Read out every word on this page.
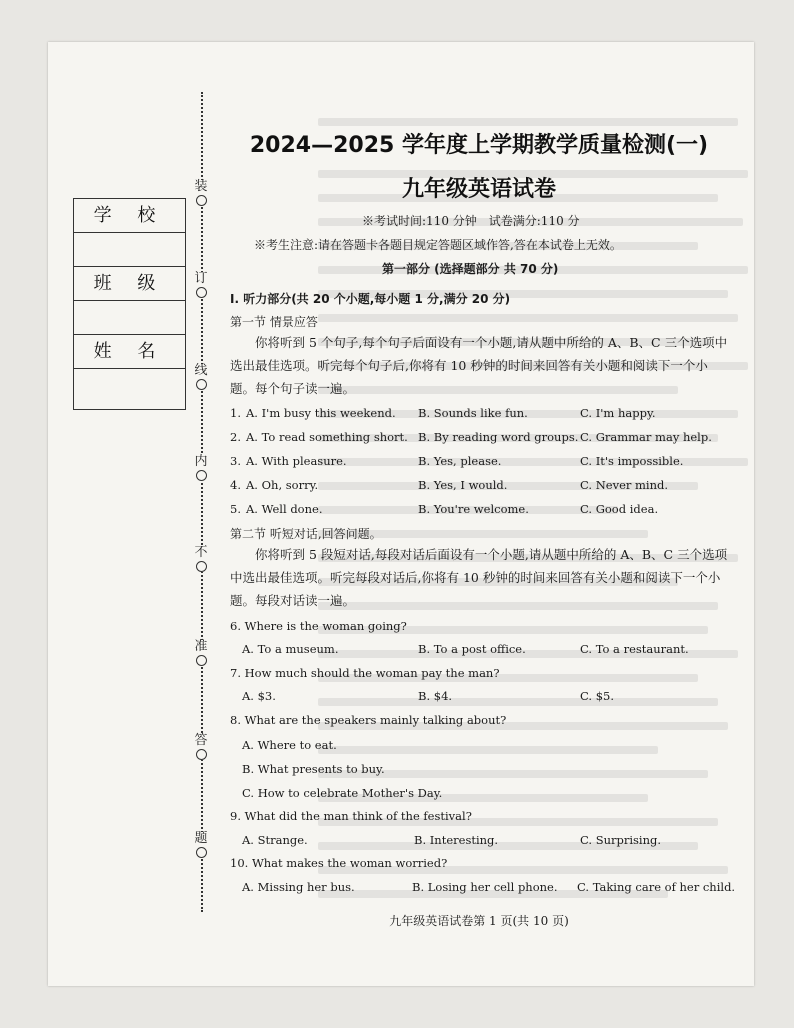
装
订
线
内
不
准
答
题
学 校
班 级
姓 名
2024—2025 学年度上学期教学质量检测(一)
九年级英语试卷
※考试时间:110 分钟　试卷满分:110 分
※考生注意:请在答题卡各题目规定答题区域作答,答在本试卷上无效。
第一部分 (选择题部分 共 70 分)
Ⅰ. 听力部分(共 20 个小题,每小题 1 分,满分 20 分)
第一节 情景应答
你将听到 5 个句子,每个句子后面设有一个小题,请从题中所给的 A、B、C 三个选项中选出最佳选项。听完每个句子后,你将有 10 秒钟的时间来回答有关小题和阅读下一个小题。每个句子读一遍。
1. A. I'm busy this weekend. B. Sounds like fun.	C. I'm happy.
2. A. To read something short. B. By reading word groups. C. Grammar may help.
3. A. With pleasure.	B. Yes, please.	C. It's impossible.
4. A. Oh, sorry.	B. Yes, I would.	C. Never mind.
5. A. Well done.	B. You're welcome.	C. Good idea.
第二节 听短对话,回答问题。
你将听到 5 段短对话,每段对话后面设有一个小题,请从题中所给的 A、B、C 三个选项中选出最佳选项。听完每段对话后,你将有 10 秒钟的时间来回答有关小题和阅读下一个小题。每段对话读一遍。
6. Where is the woman going?
A. To a museum.	B. To a post office.	C. To a restaurant.
7. How much should the woman pay the man?
A. $3.	B. $4.	C. $5.
8. What are the speakers mainly talking about?
A. Where to eat.
B. What presents to buy.
C. How to celebrate Mother's Day.
9. What did the man think of the festival?
A. Strange.	B. Interesting.	C. Surprising.
10. What makes the woman worried?
A. Missing her bus.	B. Losing her cell phone. C. Taking care of her child.
九年级英语试卷第 1 页(共 10 页)
